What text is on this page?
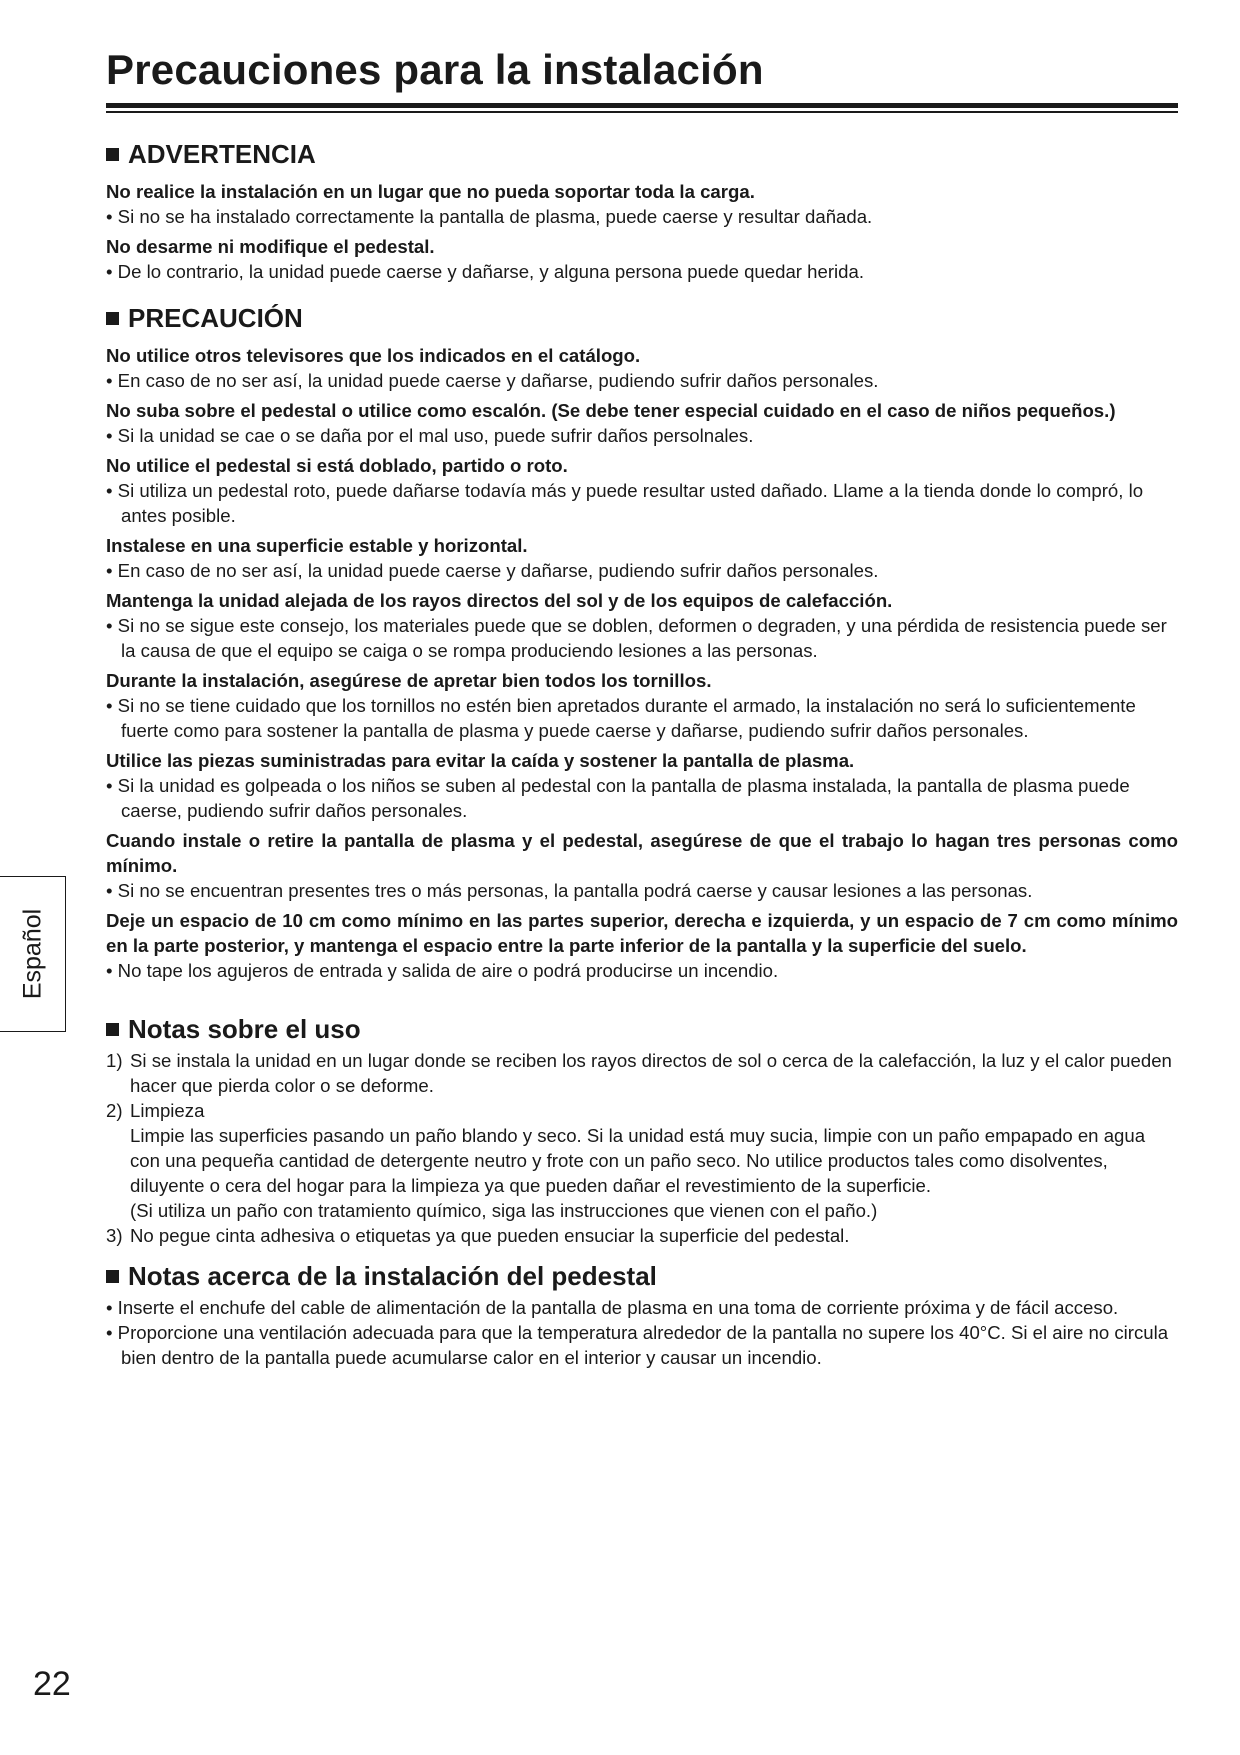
Precauciones para la instalación
ADVERTENCIA
No realice la instalación en un lugar que no pueda soportar toda la carga.
• Si no se ha instalado correctamente la pantalla de plasma, puede caerse y resultar dañada.
No desarme ni modifique el pedestal.
• De lo contrario, la unidad puede caerse y dañarse, y alguna persona puede quedar herida.
PRECAUCIÓN
No utilice otros televisores que los indicados en el catálogo.
• En caso de no ser así, la unidad puede caerse y dañarse, pudiendo sufrir daños personales.
No suba sobre el pedestal o utilice como escalón. (Se debe tener especial cuidado en el caso de niños pequeños.)
• Si la unidad se cae o se daña por el mal uso, puede sufrir daños persolnales.
No utilice el pedestal si está doblado, partido o roto.
• Si utiliza un pedestal roto, puede dañarse todavía más y puede resultar usted dañado. Llame a la tienda donde lo compró, lo antes posible.
Instalese en una superficie estable y horizontal.
• En caso de no ser así, la unidad puede caerse y dañarse, pudiendo sufrir daños personales.
Mantenga la unidad alejada de los rayos directos del sol y de los equipos de calefacción.
• Si no se sigue este consejo, los materiales puede que se doblen, deformen o degraden, y una pérdida de resistencia puede ser la causa de que el equipo se caiga o se rompa produciendo lesiones a las personas.
Durante la instalación, asegúrese de apretar bien todos los tornillos.
• Si no se tiene cuidado que los tornillos no estén bien apretados durante el armado, la instalación no será lo suficientemente fuerte como para sostener la pantalla de plasma y puede caerse y dañarse, pudiendo sufrir daños personales.
Utilice las piezas suministradas para evitar la caída y sostener la pantalla de plasma.
• Si la unidad es golpeada o los niños se suben al pedestal con la pantalla de plasma instalada, la pantalla de plasma puede caerse, pudiendo sufrir daños personales.
Cuando instale o retire la pantalla de plasma y el pedestal, asegúrese de que el trabajo lo hagan tres personas como mínimo.
• Si no se encuentran presentes tres o más personas, la pantalla podrá caerse y causar lesiones a las personas.
Deje un espacio de 10 cm como mínimo en las partes superior, derecha e izquierda, y un espacio de 7 cm como mínimo en la parte posterior, y mantenga el espacio entre la parte inferior de la pantalla y la superficie del suelo.
• No tape los agujeros de entrada y salida de aire o podrá producirse un incendio.
Notas sobre el uso
1) Si se instala la unidad en un lugar donde se reciben los rayos directos de sol o cerca de la calefacción, la luz y el calor pueden hacer que pierda color o se deforme.
2) Limpieza
Limpie las superficies pasando un paño blando y seco. Si la unidad está muy sucia, limpie con un paño empapado en agua con una pequeña cantidad de detergente neutro y frote con un paño seco. No utilice productos tales como disolventes, diluyente o cera del hogar para la limpieza ya que pueden dañar el revestimiento de la superficie.
(Si utiliza un paño con tratamiento químico, siga las instrucciones que vienen con el paño.)
3) No pegue cinta adhesiva o etiquetas ya que pueden ensuciar la superficie del pedestal.
Notas acerca de la instalación del pedestal
• Inserte el enchufe del cable de alimentación de la pantalla de plasma en una toma de corriente próxima y de fácil acceso.
• Proporcione una ventilación adecuada para que la temperatura alrededor de la pantalla no supere los 40°C. Si el aire no circula bien dentro de la pantalla puede acumularse calor en el interior y causar un incendio.
Español
22
